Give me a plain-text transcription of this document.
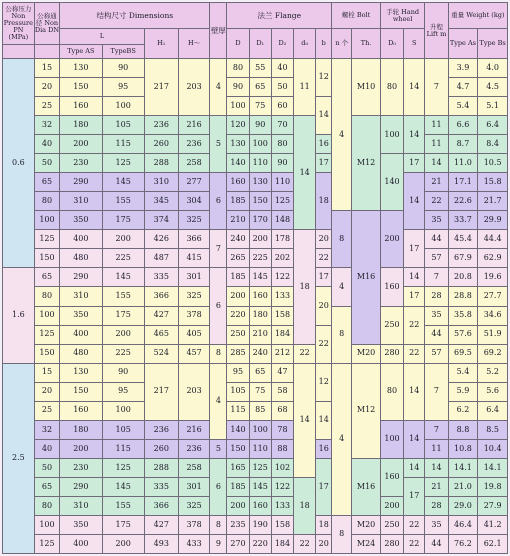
公称压力 Non Pressure PN (MPa)	公称通径 Non Dia DN	结构尺寸 Dimensions				壁厚	法兰 Flange					螺栓 Bolt		手轮 Hand wheel		升程 Lift m	重量 Weight (kg)	
		L		H₁	H～		D	D₁	D₂	d₀	b	n 个	Th.	D₀	S		Type As	Type Bs
		Type AS	TypeBS															
0.6	15	130	90	217	203	4	80	55	40	11	12	4	M10	80	14	7	3.9	4.0
	20	150	95				90	65	50								4.7	4.5
	25	160	100				100	75	60		14						5.4	5.1
	32	180	105	236	216	5	120	90	70	14			M12	100	14	11	6.6	6.4
	40	200	115	260	236		130	100	80		16					11	8.7	8.4
	50	230	125	288	258		140	110	90		17			140	17	14	11.0	10.5
	65	290	145	310	277	6	160	130	110		18				14	21	17.1	15.8
	80	310	155	345	304		185	150	125							22	22.6	21.7
	100	350	175	374	325		210	170	148			8	M16	200		35	33.7	29.9
	125	400	200	426	366	7	240	200	178	18	20				17	44	45.4	44.4
	150	480	225	487	415		265	225	202		22					57	67.9	62.9
1.6	65	290	145	335	301	6	185	145	122		17	4		160	14	7	20.8	19.6
	80	310	155	366	325		200	160	133		20				17	28	28.8	27.7
	100	350	175	427	378		220	180	158			8		250	22	35	35.8	34.6
	125	400	200	465	405		250	210	184		22					44	57.6	51.9
	150	480	225	524	457	8	285	240	212	22			M20	280	22	57	69.5	69.2
2.5	15	130	90	217	203	4	95	65	47	14	12	4	M12	80	14	7	5.4	5.2
	20	150	95				105	75	58								5.9	5.6
	25	160	100				115	85	68		14						6.2	6.4
	32	180	105	236	216		140	100	78					100	14	7	8.8	8.5
	40	200	115	260	236	5	150	110	88		16					11	10.8	10.4
	50	230	125	288	258	6	165	125	102		17		M16	160	14	14	14.1	14.1
	65	290	145	335	301		185	145	122	18					17	21	21.0	19.8
	80	310	155	366	325		200	160	133					200		28	29.0	27.9
	100	350	175	427	378	8	235	190	158		18	8	M20	250	22	35	46.4	41.2
	125	400	200	493	433	9	270	220	184	22	20		M24	280	22	44	76.2	62.1
